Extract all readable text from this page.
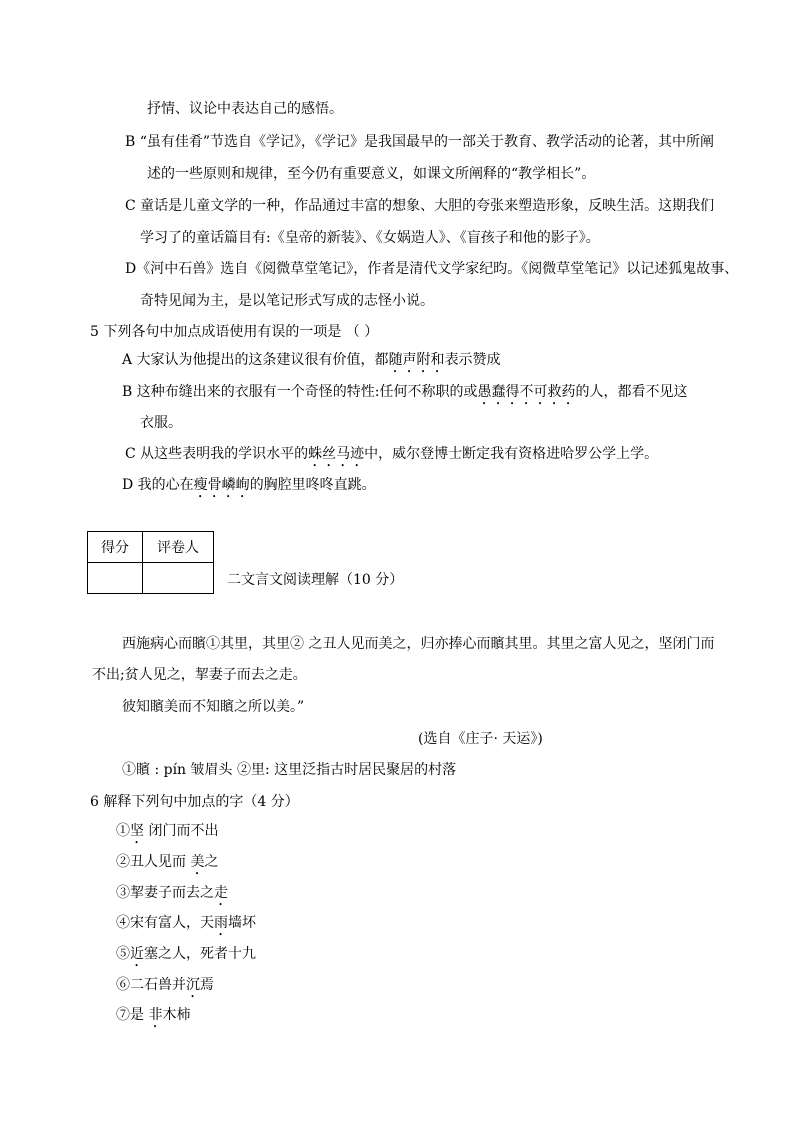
抒情、议论中表达自己的感悟。
B “虽有佳肴”节选自《学记》，《学记》是我国最早的一部关于教育、教学活动的论著，其中所阐
述的一些原则和规律，至今仍有重要意义，如课文所阐释的“教学相长”。
C 童话是儿童文学的一种，作品通过丰富的想象、大胆的夸张来塑造形象，反映生活。这期我们
学习了的童话篇目有:《皇帝的新装》、《女娲造人》、《盲孩子和他的影子》。
D《河中石兽》选自《阅微草堂笔记》，作者是清代文学家纪昀。《阅微草堂笔记》以记述狐鬼故事、
奇特见闻为主，是以笔记形式写成的志怪小说。
5 下列各句中加点成语使用有误的一项是 （ ）
A 大家认为他提出的这条建议很有价值，都随声附和表示赞成
B 这种布缝出来的衣服有一个奇怪的特性:任何不称职的或愚蠢得不可救药的人，都看不见这
衣服。
C 从这些表明我的学识水平的蛛丝马迹中，威尔登博士断定我有资格进哈罗公学上学。
D 我的心在瘦骨嶙峋的胸腔里咚咚直跳。
得分	评卷人

二文言文阅读理解（10 分）
西施病心而矉①其里，其里② 之丑人见而美之，归亦捧心而矉其里。其里之富人见之，坚闭门而
不出;贫人见之，挈妻子而去之走。
彼知矉美而不知矉之所以美。”
(选自《庄子· 天运》)
①矉 : pín 皱眉头 ②里: 这里泛指古时居民聚居的村落
6 解释下列句中加点的字（4 分）
①坚 闭门而不出
②丑人见而 美之
③挈妻子而去之走
④宋有富人，天雨墙坏
⑤近塞之人，死者十九
⑥二石兽并沉焉
⑦是 非木柿
